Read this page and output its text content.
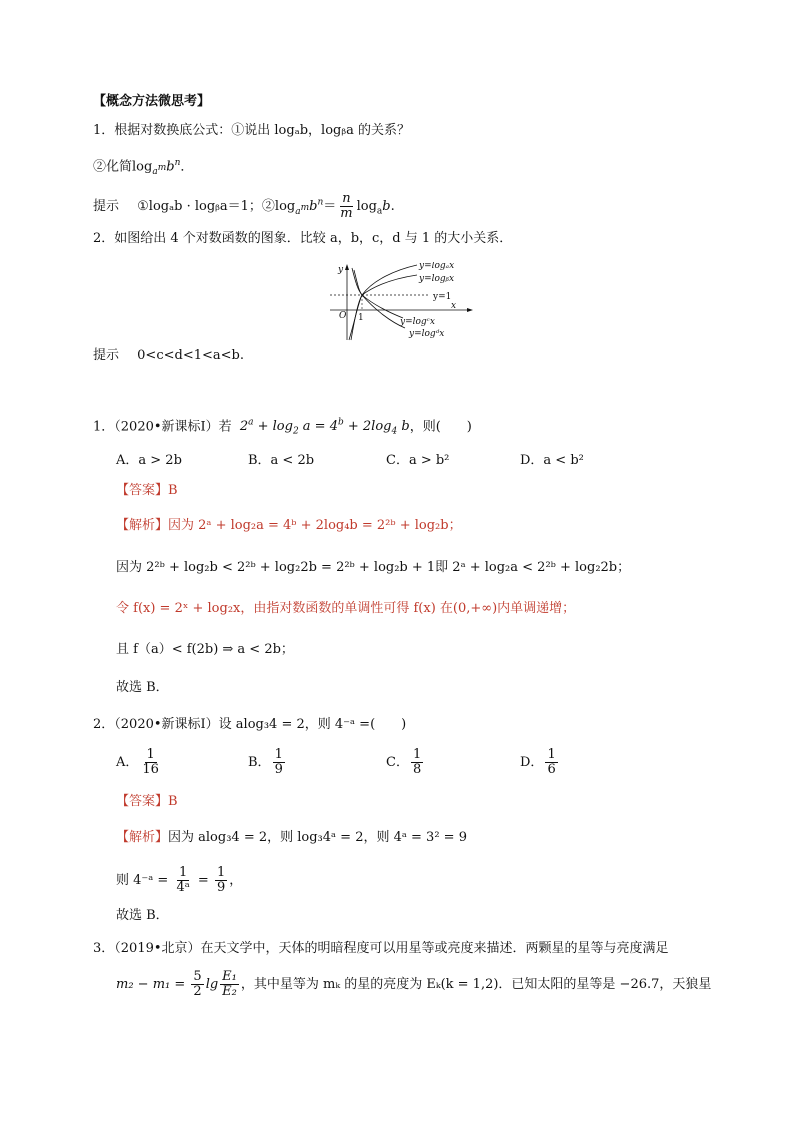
【概念方法微思考】
1．根据对数换底公式：①说出 logₐb，logᵦa 的关系？
②化简$\log_{a^m}b^n$．
提示 ①logₐb · logᵦa＝1；$②\log_{a^m}b^n= \frac{n}{m} \log_ab$.
2．如图给出 4 个对数函数的图象．比较 a，b，c，d 与 1 的大小关系．
y
x
O 1
y=logₐx
y=logᵦx
y=1
y=logᶜx
y=logᵈx
提示 0<c<d<1<a<b.
1．（2020•新课标Ⅰ）若 $2^a + \log_2 a = 4^b + 2\log_4$ b，则(　　)
A．a > 2b	B．a < 2b	C．a > b²	D．a < b²
【答案】B
【解析】因为 2ᵃ + log₂a = 4ᵇ + 2log₄b = 2²ᵇ + log₂b；
因为 2²ᵇ + log₂b < 2²ᵇ + log₂2b = 2²ᵇ + log₂b + 1即 2ᵃ + log₂a < 2²ᵇ + log₂2b；
令 f(x) = 2ˣ + log₂x，由指对数函数的单调性可得 f(x) 在(0,+∞)内单调递增；
且 f（a）< f(2b) ⇒ a < 2b；
故选 B．
2．（2020•新课标Ⅰ）设 alog₃4 = 2，则 4⁻ᵃ =(　　)
A． $\frac{1}{16}$	B． $\frac{1}{9}$	C． $\frac{1}{8}$	D． $\frac{1}{6}$
【答案】B
【解析】因为 alog₃4 = 2，则 log₃4ᵃ = 2，则 4ᵃ = 3² = 9
则 4⁻ᵃ = $\frac{1}{\text{4ᵃ}} = \frac{1}{9}$ ，
故选 B．
3．（2019•北京）在天文学中，天体的明暗程度可以用星等或亮度来描述．两颗星的星等与亮度满足
$m_2 - m_1 = \frac{5}{2}$ $\lg \frac{\text{E₁}}{\text{E₂}}$ ，其中星等为 mₖ 的星的亮度为 Eₖ(k = 1,2)．已知太阳的星等是 −26.7，天狼星
